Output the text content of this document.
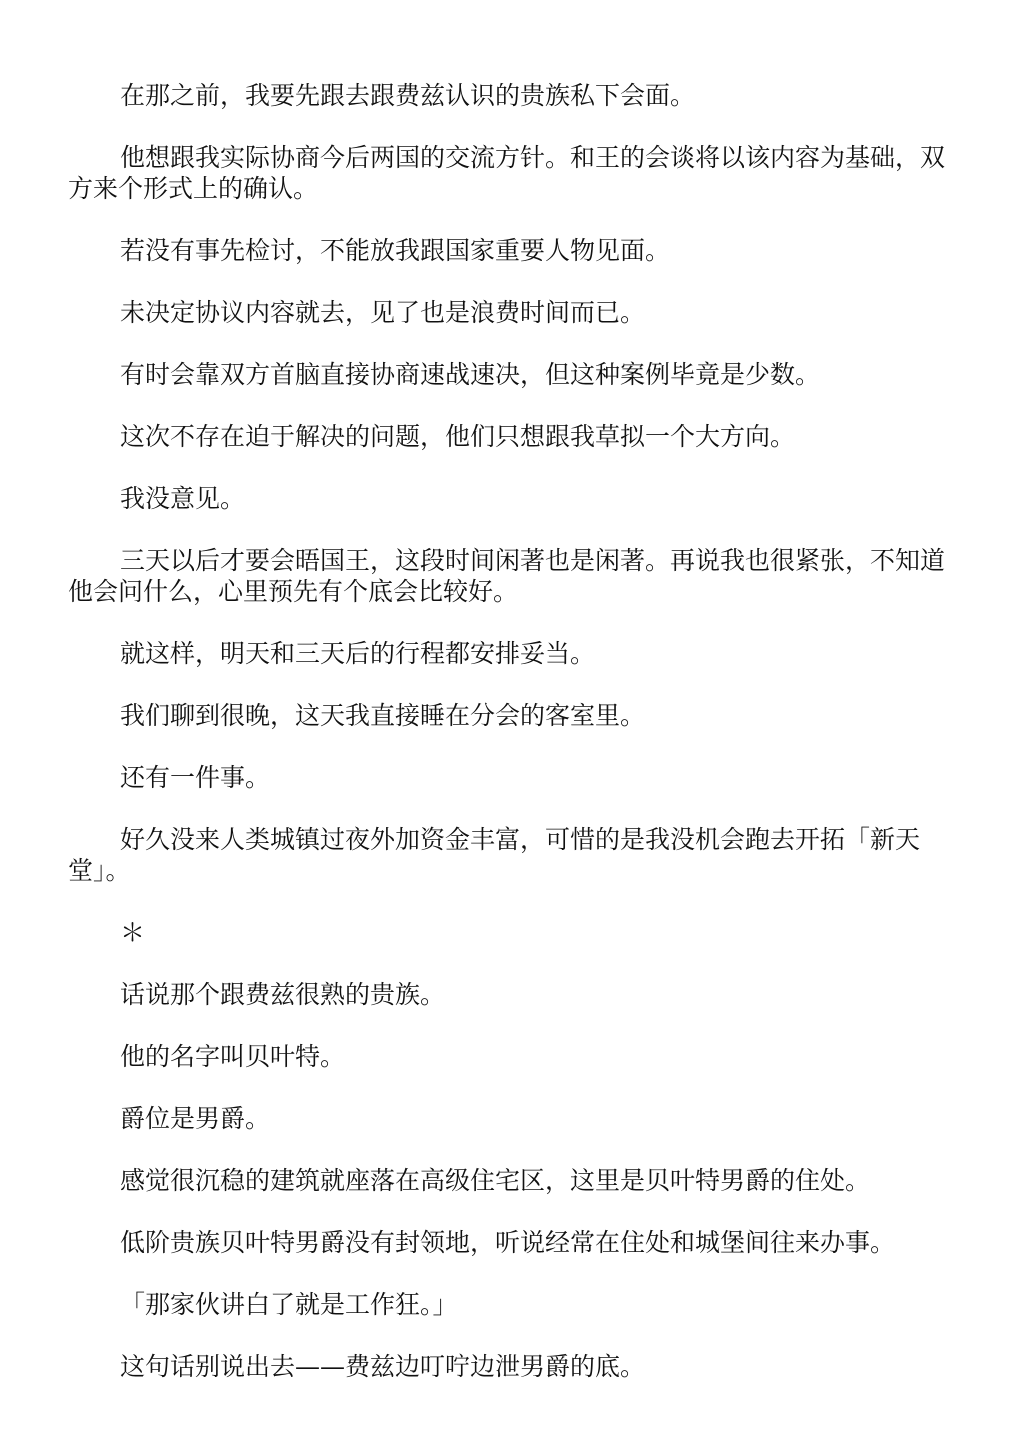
在那之前，我要先跟去跟费兹认识的贵族私下会面。

他想跟我实际协商今后两国的交流方针。和王的会谈将以该内容为基础，双方来个形式上的确认。

若没有事先检讨，不能放我跟国家重要人物见面。

未决定协议内容就去，见了也是浪费时间而已。

有时会靠双方首脑直接协商速战速决，但这种案例毕竟是少数。

这次不存在迫于解决的问题，他们只想跟我草拟一个大方向。

我没意见。

三天以后才要会晤国王，这段时间闲著也是闲著。再说我也很紧张，不知道他会问什么，心里预先有个底会比较好。

就这样，明天和三天后的行程都安排妥当。

我们聊到很晚，这天我直接睡在分会的客室里。

还有一件事。

好久没来人类城镇过夜外加资金丰富，可惜的是我没机会跑去开拓「新天堂」。

＊

话说那个跟费兹很熟的贵族。

他的名字叫贝叶特。

爵位是男爵。

感觉很沉稳的建筑就座落在高级住宅区，这里是贝叶特男爵的住处。

低阶贵族贝叶特男爵没有封领地，听说经常在住处和城堡间往来办事。

「那家伙讲白了就是工作狂。」

这句话别说出去——费兹边叮咛边泄男爵的底。
